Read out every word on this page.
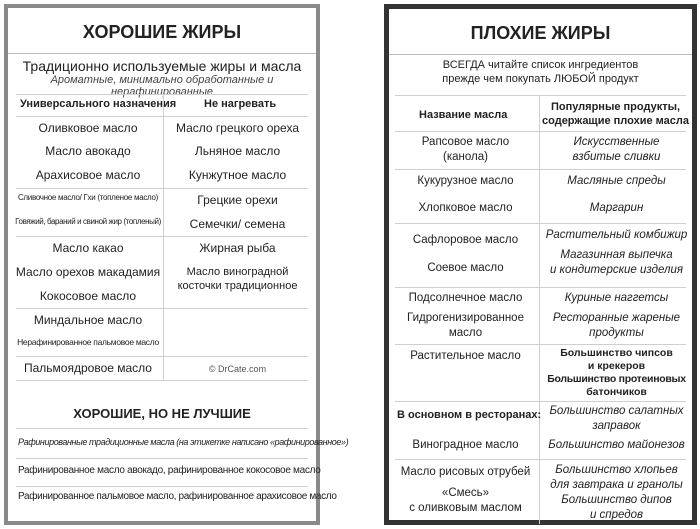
ХОРОШИЕ ЖИРЫ
Традиционно используемые жиры и масла
Ароматные, минимально обработанные и нерафинированные
Универсального назначения	Не нагревать
Оливковое масло
Масло авокадо
Арахисовое масло
Сливочное масло/ Гхи (топленое масло)
Говяжий, бараний и свиной жир (топленый)
Масло какао
Масло орехов макадамия
Кокосовое масло
Миндальное масло
Нерафинированное пальмовое масло
Пальмоядровое масло
Масло грецкого ореха
Льняное масло
Кунжутное масло
Грецкие орехи
Семечки/ семена
Жирная рыба
Масло виноградной
косточки традиционное
© DrCate.com
ХОРОШИЕ, НО НЕ ЛУЧШИЕ
Рафинированные традиционные масла (на этикетке написано «рафинированное»)
Рафинированное масло авокадо, рафинированное кокосовое масло
Рафинированное пальмовое масло, рафинированное арахисовое масло
ПЛОХИЕ ЖИРЫ
ВСЕГДА читайте список ингредиентов
прежде чем покупать ЛЮБОЙ продукт
Название масла
Популярные продукты,
содержащие плохие масла
Рапсовое масло
(канола)
Кукурузное масло
Хлопковое масло
Сафлоровое масло
Соевое масло
Подсолнечное масло
Гидрогенизированное
масло
Растительное масло
В основном в ресторанах:
Виноградное масло
Масло рисовых отрубей
«Смесь»
с оливковым маслом
Искусственные
взбитые сливки
Масляные спреды
Маргарин
Растительный комбижир
Магазинная выпечка
и кондитерские изделия
Куриные наггетсы
Ресторанные жареные
продукты
Большинство чипсов
и крекеров
Большинство протеиновых
батончиков
Большинство салатных
заправок
Большинство майонезов
Большинство хлопьев
для завтрака и гранолы
Большинство дипов
и спредов
